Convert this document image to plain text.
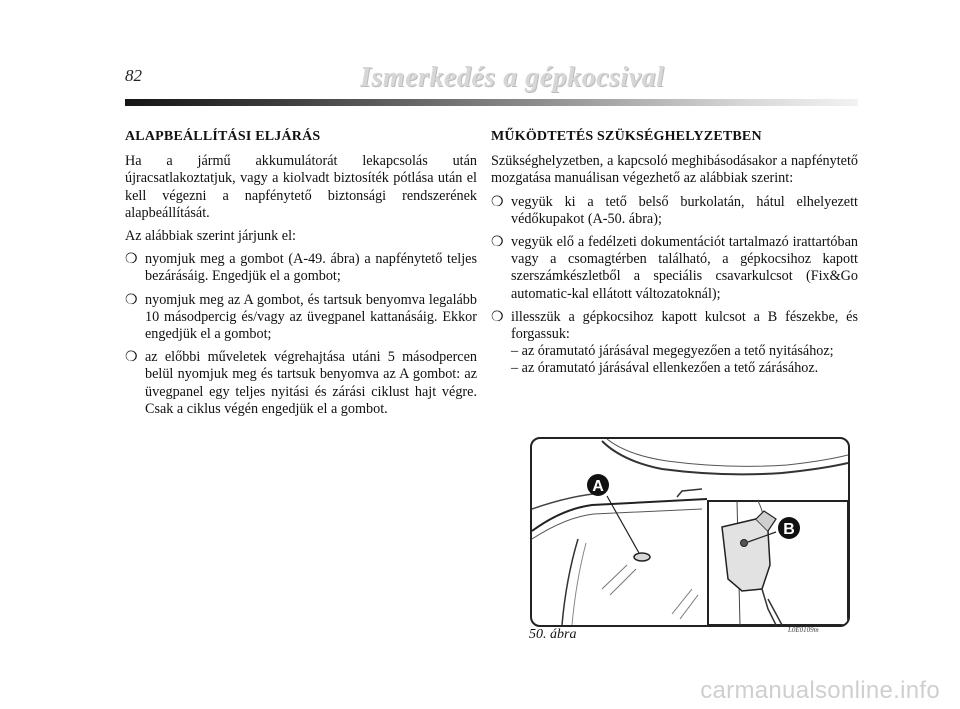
82	Ismerkedés a gépkocsival
ALAPBEÁLLÍTÁSI ELJÁRÁS

Ha a jármű akkumulátorát lekapcsolás után újracsatlakoztatjuk, vagy a kiolvadt biztosíték pótlása után el kell végezni a napfénytető biztonsági rendszerének alapbeállítását.

Az alábbiak szerint járjunk el:

❍ nyomjuk meg a gombot (A-49. ábra) a napfénytető teljes bezárásáig. Engedjük el a gombot;
❍ nyomjuk meg az A gombot, és tartsuk benyomva legalább 10 másodpercig és/vagy az üvegpanel kattanásáig. Ekkor engedjük el a gombot;
❍ az előbbi műveletek végrehajtása utáni 5 másodpercen belül nyomjuk meg és tartsuk benyomva az A gombot: az üvegpanel egy teljes nyitási és zárási ciklust hajt végre. Csak a ciklus végén engedjük el a gombot.
MŰKÖDTETÉS SZÜKSÉGHELYZETBEN

Szükséghelyzetben, a kapcsoló meghibásodásakor a napfénytető mozgatása manuálisan végezhető az alábbiak szerint:

❍ vegyük ki a tető belső burkolatán, hátul elhelyezett védőkupakot (A-50. ábra);
❍ vegyük elő a fedélzeti dokumentációt tartalmazó irattartóban vagy a csomagtérben található, a gépkocsihoz kapott szerszámkészletből a speciális csavarkulcsot (Fix&Go automatic-kal ellátott változatoknál);
❍ illesszük a gépkocsihoz kapott kulcsot a B fészekbe, és forgassuk:
– az óramutató járásával megegyezően a tető nyitásához;
– az óramutató járásával ellenkezően a tető zárásához.
A
B
50. ábra	L0E0109m
carmanualsonline.info
